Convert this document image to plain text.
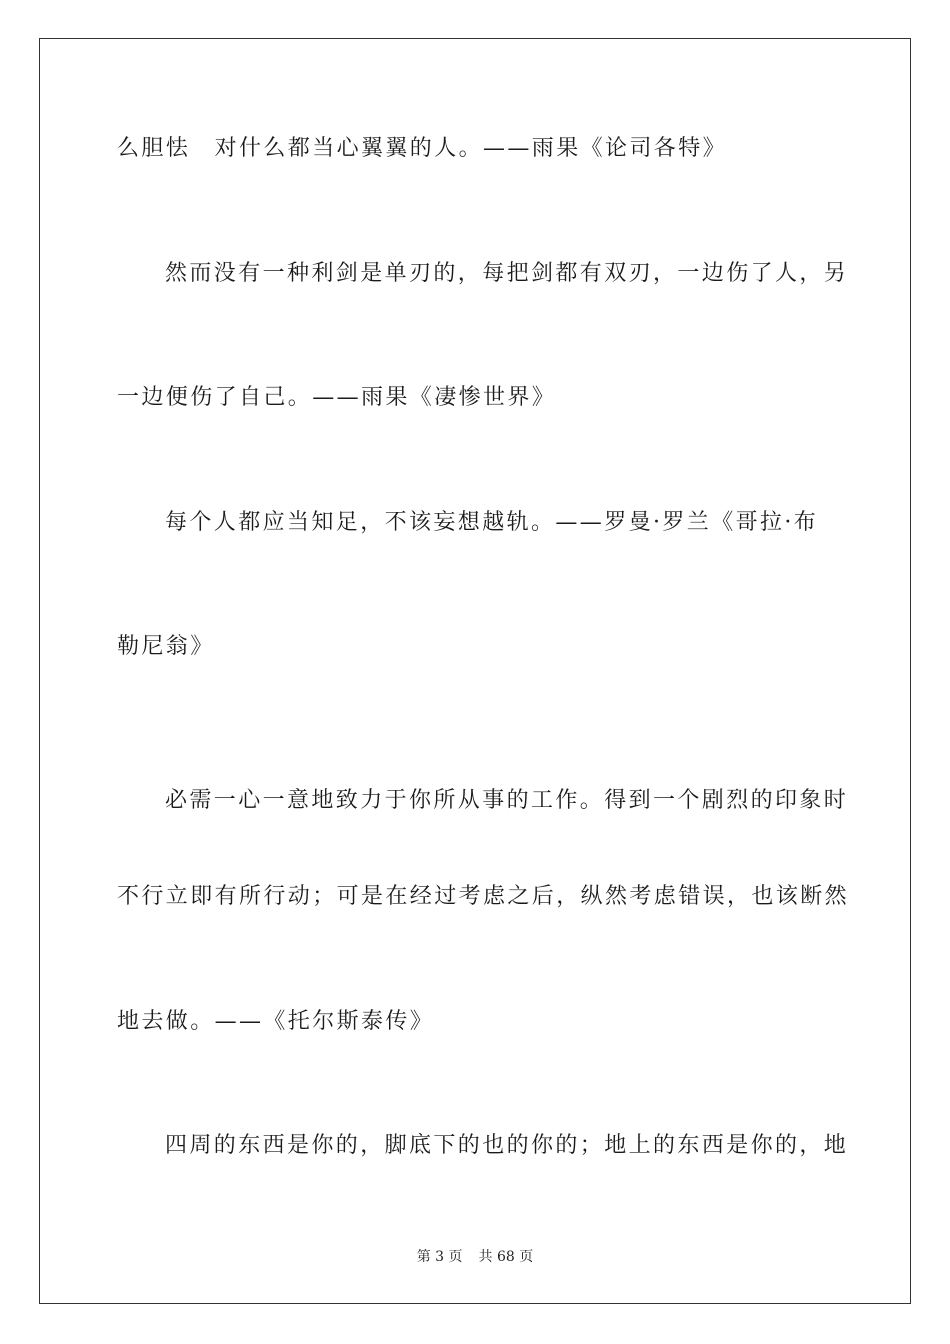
么胆怯　对什么都当心翼翼的人。——雨果《论司各特》
然而没有一种利剑是单刃的，每把剑都有双刃，一边伤了人，另
一边便伤了自己。——雨果《凄惨世界》
每个人都应当知足，不该妄想越轨。——罗曼·罗兰《哥拉·布
勒尼翁》
必需一心一意地致力于你所从事的工作。得到一个剧烈的印象时
不行立即有所行动；可是在经过考虑之后，纵然考虑错误，也该断然
地去做。——《托尔斯泰传》
四周的东西是你的，脚底下的也的你的；地上的东西是你的，地
第 3 页 共 68 页
